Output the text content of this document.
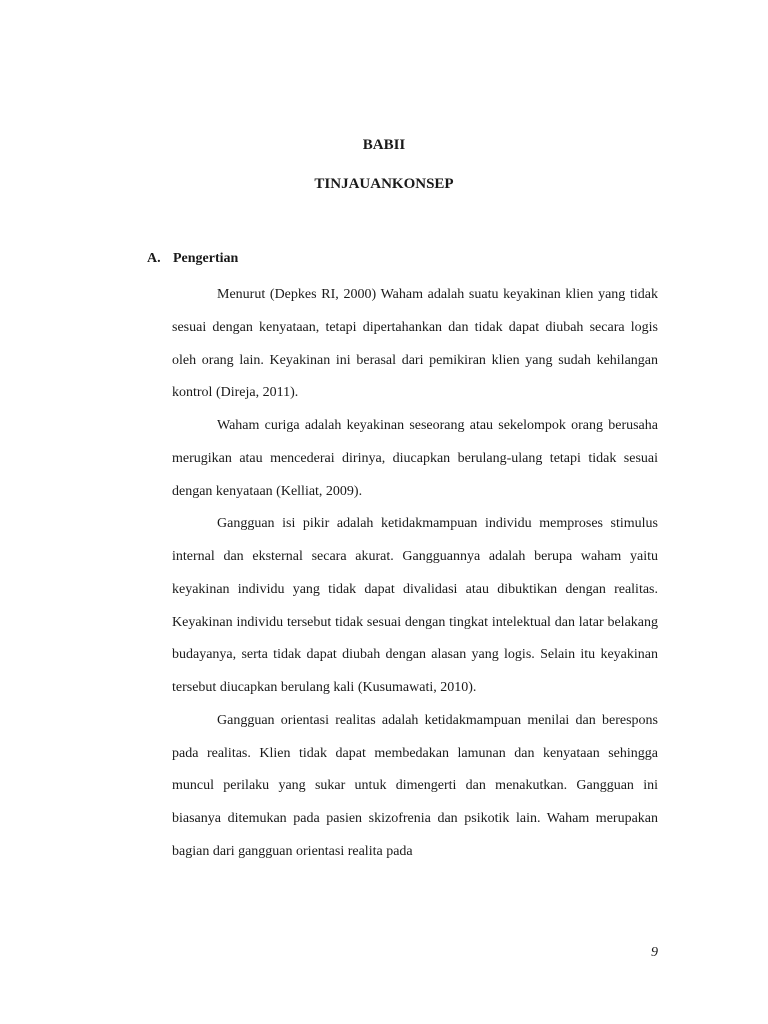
BABII
TINJAUANKONSEP
A. Pengertian

Menurut (Depkes RI, 2000) Waham adalah suatu keyakinan klien yang tidak sesuai dengan kenyataan, tetapi dipertahankan dan tidak dapat diubah secara logis oleh orang lain. Keyakinan ini berasal dari pemikiran klien yang sudah kehilangan kontrol (Direja, 2011).

Waham curiga adalah keyakinan seseorang atau sekelompok orang berusaha merugikan atau mencederai dirinya, diucapkan berulang-ulang tetapi tidak sesuai dengan kenyataan (Kelliat, 2009).

Gangguan isi pikir adalah ketidakmampuan individu memproses stimulus internal dan eksternal secara akurat. Gangguannya adalah berupa waham yaitu keyakinan individu yang tidak dapat divalidasi atau dibuktikan dengan realitas. Keyakinan individu tersebut tidak sesuai dengan tingkat intelektual dan latar belakang budayanya, serta tidak dapat diubah dengan alasan yang logis. Selain itu keyakinan tersebut diucapkan berulang kali (Kusumawati, 2010).

Gangguan orientasi realitas adalah ketidakmampuan menilai dan berespons pada realitas. Klien tidak dapat membedakan lamunan dan kenyataan sehingga muncul perilaku yang sukar untuk dimengerti dan menakutkan. Gangguan ini biasanya ditemukan pada pasien skizofrenia dan psikotik lain. Waham merupakan bagian dari gangguan orientasi realita pada

9
